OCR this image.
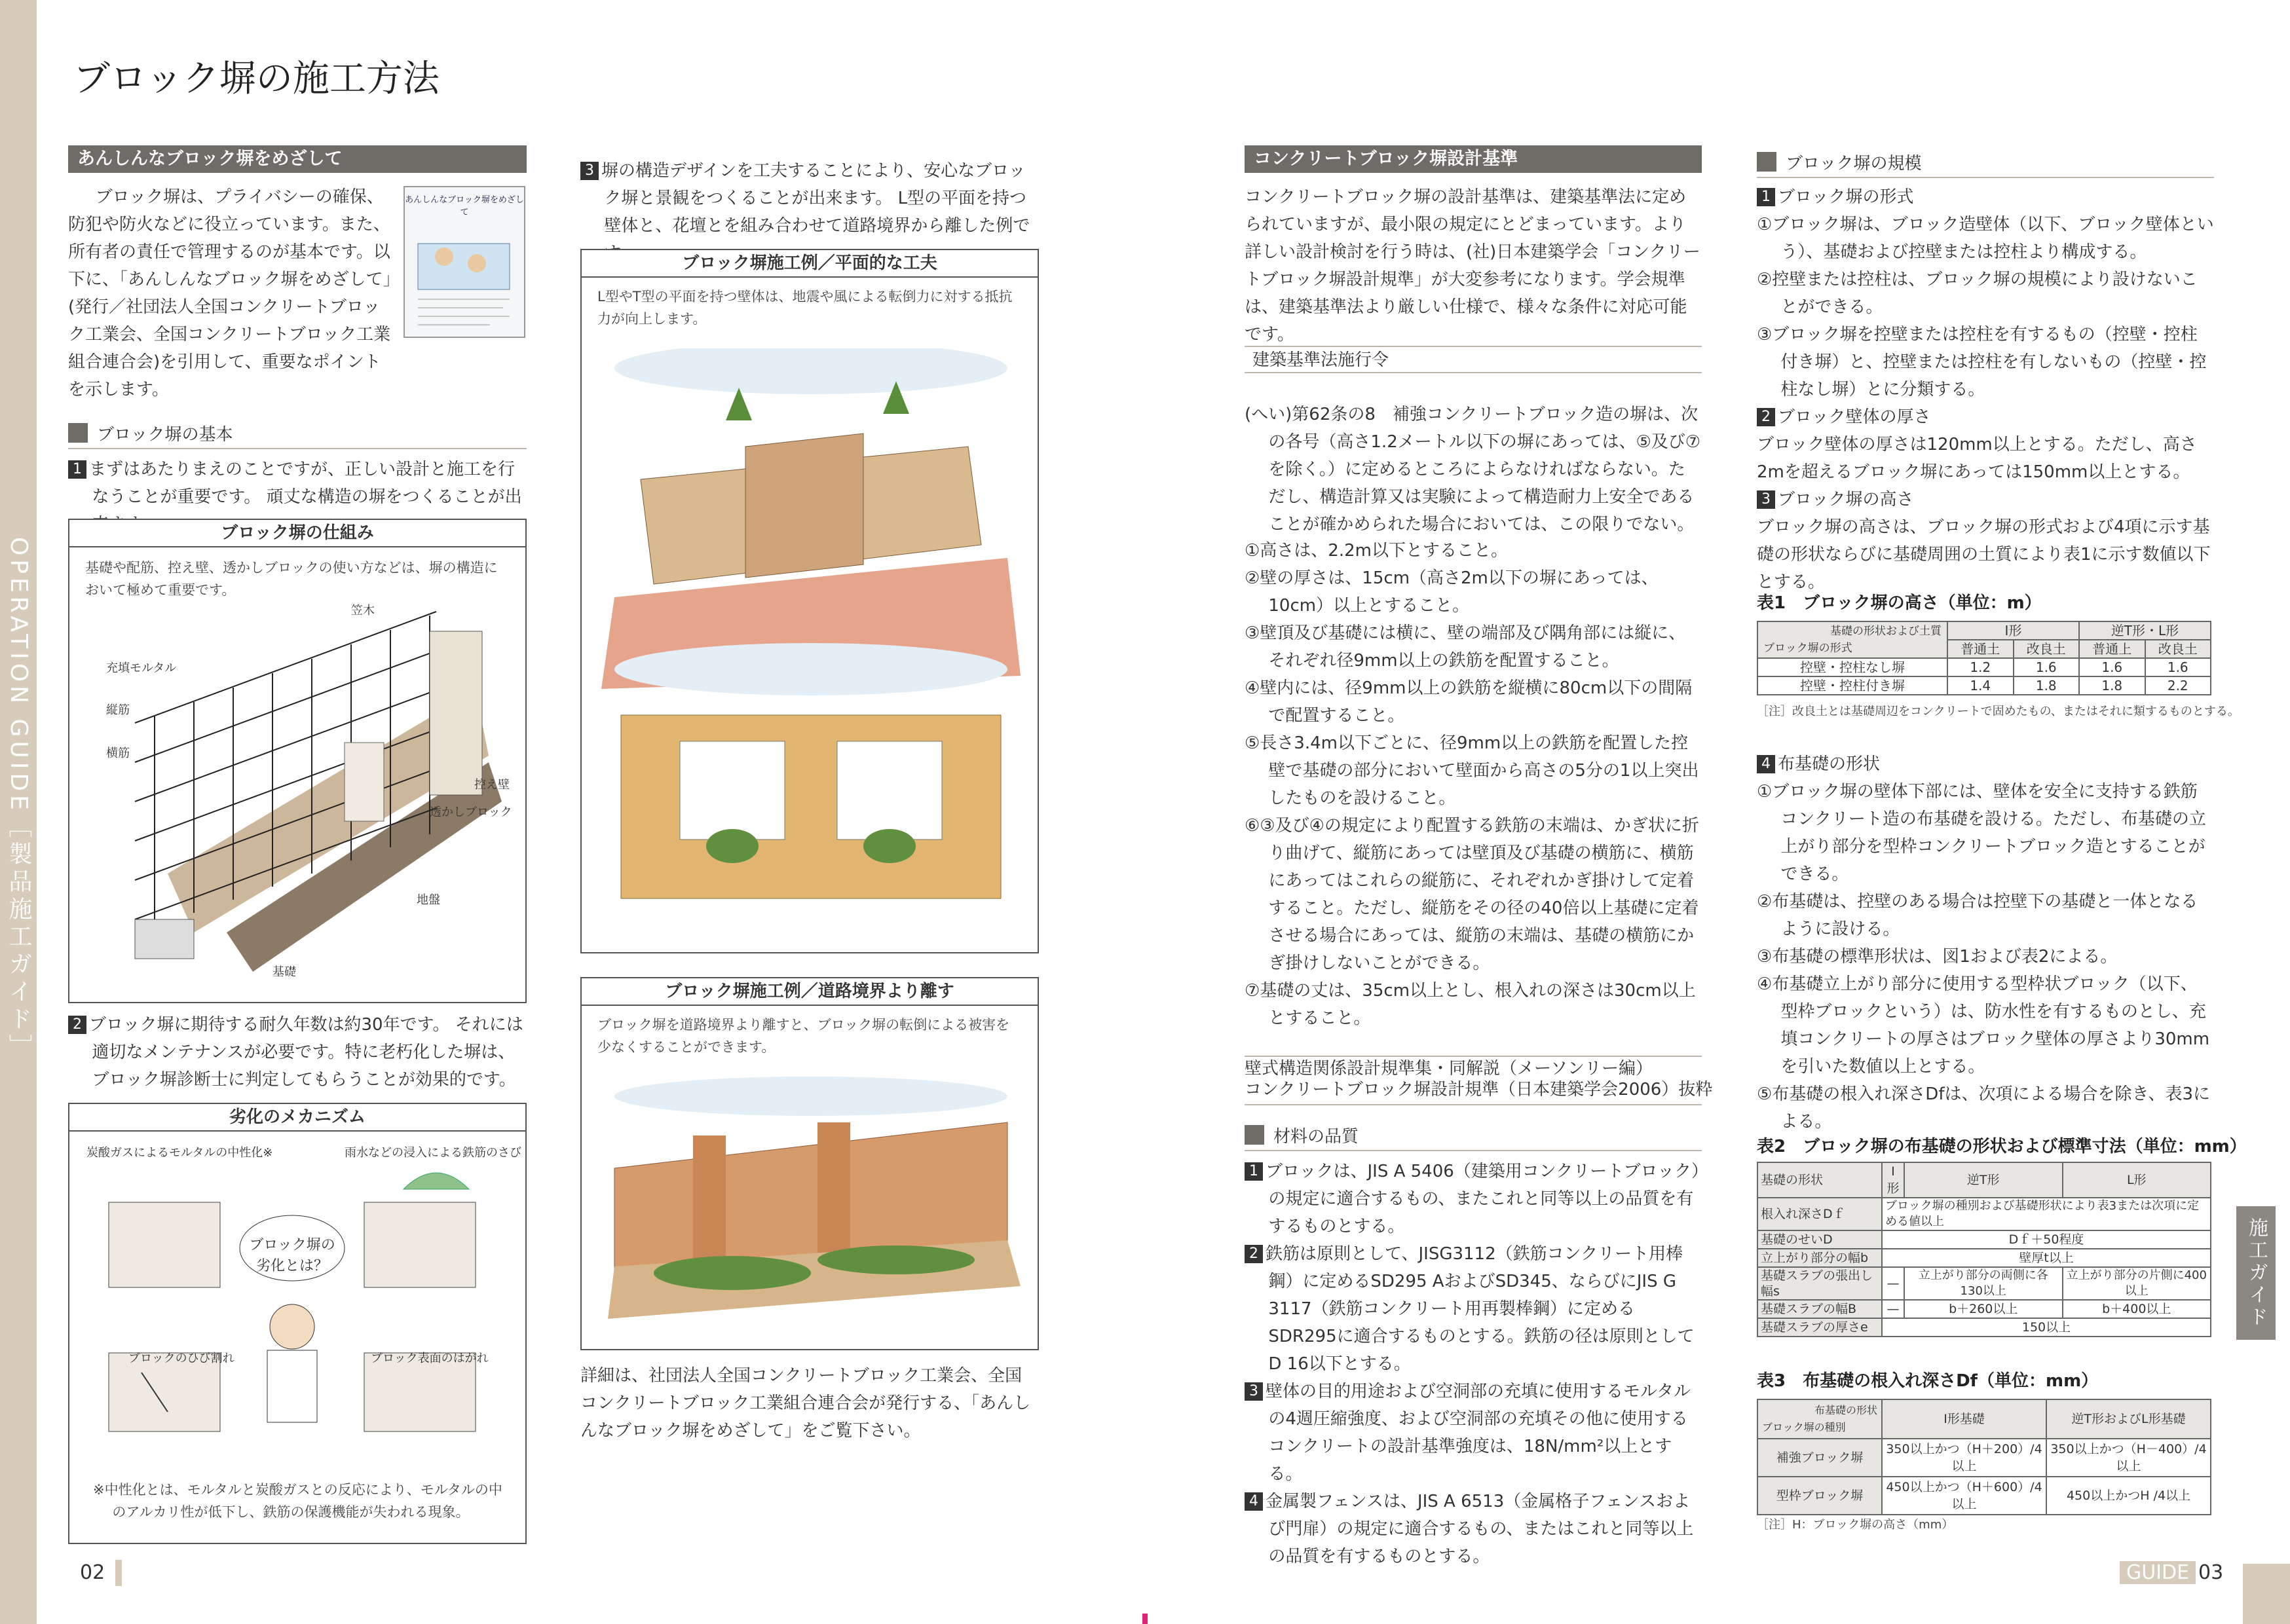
OPERATION GUIDE［製品施工ガイド］
ブロック塀の施工方法
あんしんなブロック塀をめざして
ブロック塀は、プライバシーの確保、防犯や防火などに役立っています。また、所有者の責任で管理するのが基本です。以下に、「あんしんなブロック塀をめざして」(発行／社団法人全国コンクリートブロック工業会、全国コンクリートブロック工業組合連合会)を引用して、重要なポイントを示します。
あんしんなブロック塀をめざして
ブロック塀の基本
1 まずはあたりまえのことですが、正しい設計と施工を行なうことが重要です。 頑丈な構造の塀をつくることが出
ブロック塀の仕組み
基礎や配筋、控え壁、透かしブロックの使い方などは、塀の構造において極めて重要です。
笠木
充填モルタル
縦筋
横筋
控え壁
透かしブロック
地盤
基礎
2 ブロック塀に期待する耐久年数は約30年です。 それには適切なメンテナンスが必要です。特に老朽化した塀は、ブロック塀診断士に判定してもらうことが効果的です。
劣化のメカニズム
炭酸ガスによるモルタルの中性化※	雨水などの浸入による鉄筋のさび
ブロック塀の劣化とは？
ブロックのひび割れ	ブロック表面のはがれ
※中性化とは、モルタルと炭酸ガスとの反応により、モルタルの中のアルカリ性が低下し、鉄筋の保護機能が失われる現象。
02
3 塀の構造デザインを工夫することにより、安心なブロック塀と景観をつくることが出来ます。 L型の平面を持つ壁体と、花壇とを組み合わせて道路境界から離した例で
ブロック塀施工例／平面的な工夫
L型やT型の平面を持つ壁体は、地震や風による転倒力に対する抵抗力が向上します。
ブロック塀施工例／道路境界より離す
ブロック塀を道路境界より離すと、ブロック塀の転倒による被害を少なくすることができます。
詳細は、社団法人全国コンクリートブロック工業会、全国コンクリートブロック工業組合連合会が発行する、「あんしんなブロック塀をめざして」をご覧下さい。
コンクリートブロック塀設計基準
コンクリートブロック塀の設計基準は、建築基準法に定められていますが、最小限の規定にとどまっています。より詳しい設計検討を行う時は、(社)日本建築学会「コンクリートブロック塀設計規準」が大変参考になります。学会規準は、建築基準法より厳しい仕様で、様々な条件に対応可能です。
建築基準法施行令
(へい)第62条の8　補強コンクリートブロック造の塀は、次の各号（高さ1.2メートル以下の塀にあっては、⑤及び⑦を除く。）に定めるところによらなければならない。ただし、構造計算又は実験によって構造耐力上安全であることが確かめられた場合においては、この限りでない。
①高さは、2.2m以下とすること。
②壁の厚さは、15cm（高さ2m以下の塀にあっては、10cm）以上とすること。
③壁頂及び基礎には横に、壁の端部及び隅角部には縦に、それぞれ径9mm以上の鉄筋を配置すること。
④壁内には、径9mm以上の鉄筋を縦横に80cm以下の間隔で配置すること。
⑤長さ3.4m以下ごとに、径9mm以上の鉄筋を配置した控壁で基礎の部分において壁面から高さの5分の1以上突出したものを設けること。
⑥③及び④の規定により配置する鉄筋の末端は、かぎ状に折り曲げて、縦筋にあっては壁頂及び基礎の横筋に、横筋にあってはこれらの縦筋に、それぞれかぎ掛けして定着すること。ただし、縦筋をその径の40倍以上基礎に定着させる場合にあっては、縦筋の末端は、基礎の横筋にかぎ掛けしないことができる。
⑦基礎の丈は、35cm以上とし、根入れの深さは30cm以上とすること。
壁式構造関係設計規準集・同解説（メーソンリー編）
コンクリートブロック塀設計規準（日本建築学会2006）抜粋
材料の品質
1 ブロックは、JIS A 5406（建築用コンクリートブロック）の規定に適合するもの、またこれと同等以上の品質を有するものとする。
2 鉄筋は原則として、JISG3112（鉄筋コンクリート用棒鋼）に定めるSD295 AおよびSD345、ならびにJIS G 3117（鉄筋コンクリート用再製棒鋼）に定めるSDR295に適合するものとする。鉄筋の径は原則としてD 16以下とする。
3 壁体の目的用途および空洞部の充填に使用するモルタルの4週圧縮強度、および空洞部の充填その他に使用するコンクリートの設計基準強度は、18N/mm²以上とする。
4 金属製フェンスは、JIS A 6513（金属格子フェンスおよび門扉）の規定に適合するもの、またはこれと同等以上の品質を有するものとする。
ブロック塀の規模
1 ブロック塀の形式
①ブロック塀は、ブロック造壁体（以下、ブロック壁体という）、基礎および控壁または控柱より構成する。
②控壁または控柱は、ブロック塀の規模により設けないことができる。
③ブロック塀を控壁または控柱を有するもの（控壁・控柱付き塀）と、控壁または控柱を有しないもの（控壁・控柱なし塀）とに分類する。
2 ブロック壁体の厚さ
ブロック壁体の厚さは120mm以上とする。ただし、高さ2mを超えるブロック塀にあっては150mm以上とする。
3 ブロック塀の高さ
ブロック塀の高さは、ブロック塀の形式および4項に示す基礎の形状ならびに基礎周囲の土質により表1に示す数値以下とする。
表1　ブロック塀の高さ（単位：m）
基礎の形状および土質
ブロック塀の形式	I形		逆T形・L形	
	普通土	改良土	普通上	改良土
控壁・控柱なし塀	1.2	1.6	1.6	1.6
控壁・控柱付き塀	1.4	1.8	1.8	2.2
［注］改良土とは基礎周辺をコンクリートで固めたもの、またはそれに類するものとする。
4 布基礎の形状
①ブロック塀の壁体下部には、壁体を安全に支持する鉄筋コンクリート造の布基礎を設ける。ただし、布基礎の立上がり部分を型枠コンクリートブロック造とすることができる。
②布基礎は、控壁のある場合は控壁下の基礎と一体となるように設ける。
③布基礎の標準形状は、図1および表2による。
④布基礎立上がり部分に使用する型枠状ブロック（以下、型枠ブロックという）は、防水性を有するものとし、充填コンクリートの厚さはブロック壁体の厚さより30mmを引いた数値以上とする。
⑤布基礎の根入れ深さDfは、次項による場合を除き、表3による。
表2　ブロック塀の布基礎の形状および標準寸法（単位：mm）
基礎の形状	I形	逆T形	L形
根入れ深さDｆ	ブロック塀の種別および基礎形状により表3または次項に定める値以上		
基礎のせいD	Dｆ＋50程度		
立上がり部分の幅b	壁厚t以上		
基礎スラブの張出し幅s	—	立上がり部分の両側に各130以上	立上がり部分の片側に400以上
基礎スラブの幅B	—	b＋260以上	b＋400以上
基礎スラブの厚さe	150以上		
表3　布基礎の根入れ深さDf（単位：mm）
布基礎の形状
ブロック塀の種別	I形基礎	逆T形およびL形基礎
補強ブロック塀	350以上かつ（H＋200）/4以上	350以上かつ（H－400）/4以上
型枠ブロック塀	450以上かつ（H＋600）/4以上	450以上かつH /4以上
［注］H：ブロック塀の高さ（mm）
施工ガイド
GUIDE 03
